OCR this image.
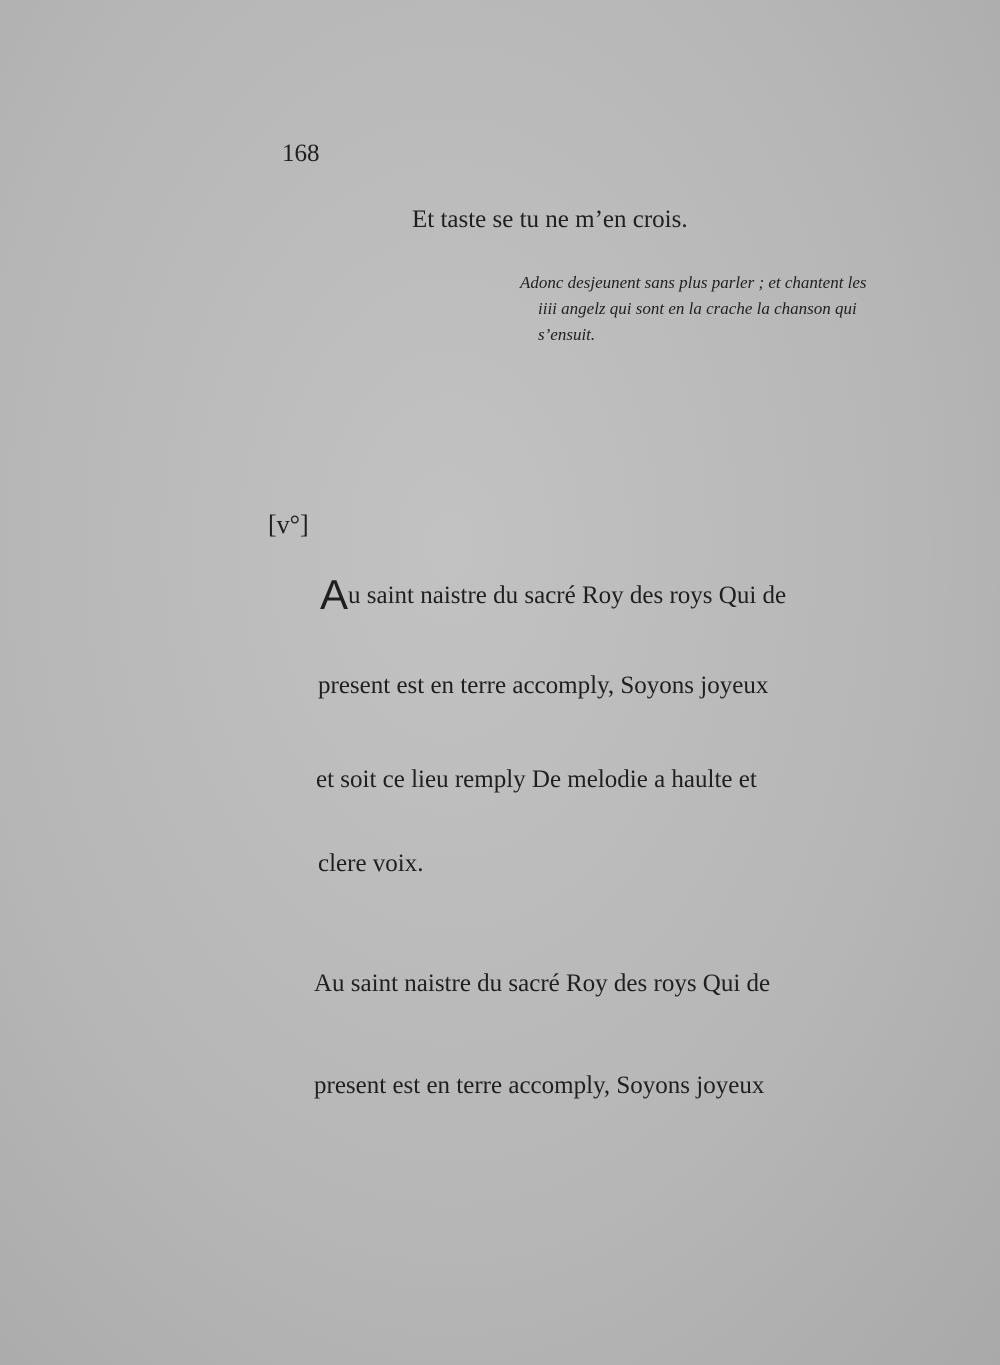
168
Et taste se tu ne m’en crois.
Adonc desjeunent sans plus parler ; et chantent les
iiii angelz qui sont en la crache la chanson qui
s’ensuit.
[v°]
Au saint naistre du sacré Roy des roys Qui de
present est en terre accomply, Soyons joyeux
et soit ce lieu remply De melodie a haulte et
clere voix.
Au saint naistre du sacré Roy des roys Qui de
present est en terre accomply, Soyons joyeux
